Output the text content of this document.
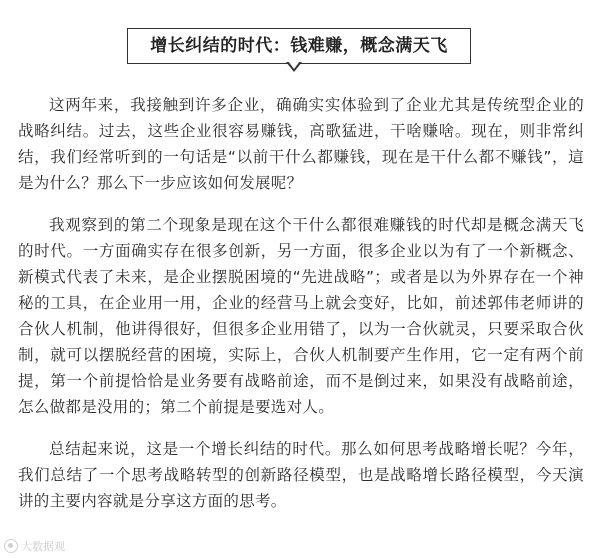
增长纠结的时代：钱难赚，概念满天飞

这两年来，我接触到许多企业，确确实实体验到了企业尤其是传统型企业的战略纠结。过去，这些企业很容易赚钱，高歌猛进，干啥赚啥。现在，则非常纠结，我们经常听到的一句话是“以前干什么都赚钱，现在是干什么都不赚钱”，這是为什么？那么下一步应该如何发展呢？

我观察到的第二个现象是现在这个干什么都很难赚钱的时代却是概念满天飞的时代。一方面确实存在很多创新，另一方面，很多企业以为有了一个新概念、新模式代表了未来，是企业摆脱困境的“先进战略”；或者是以为外界存在一个神秘的工具，在企业用一用，企业的经营马上就会变好，比如，前述郭伟老师讲的合伙人机制，他讲得很好，但很多企业用错了，以为一合伙就灵，只要采取合伙制，就可以摆脱经营的困境，实际上，合伙人机制要产生作用，它一定有两个前提，第一个前提恰恰是业务要有战略前途，而不是倒过来，如果没有战略前途，怎么做都是没用的；第二个前提是要选对人。

总结起来说，这是一个增长纠结的时代。那么如何思考战略增长呢？今年，我们总结了一个思考战略转型的创新路径模型，也是战略增长路径模型，今天演讲的主要内容就是分享这方面的思考。

大数据观
